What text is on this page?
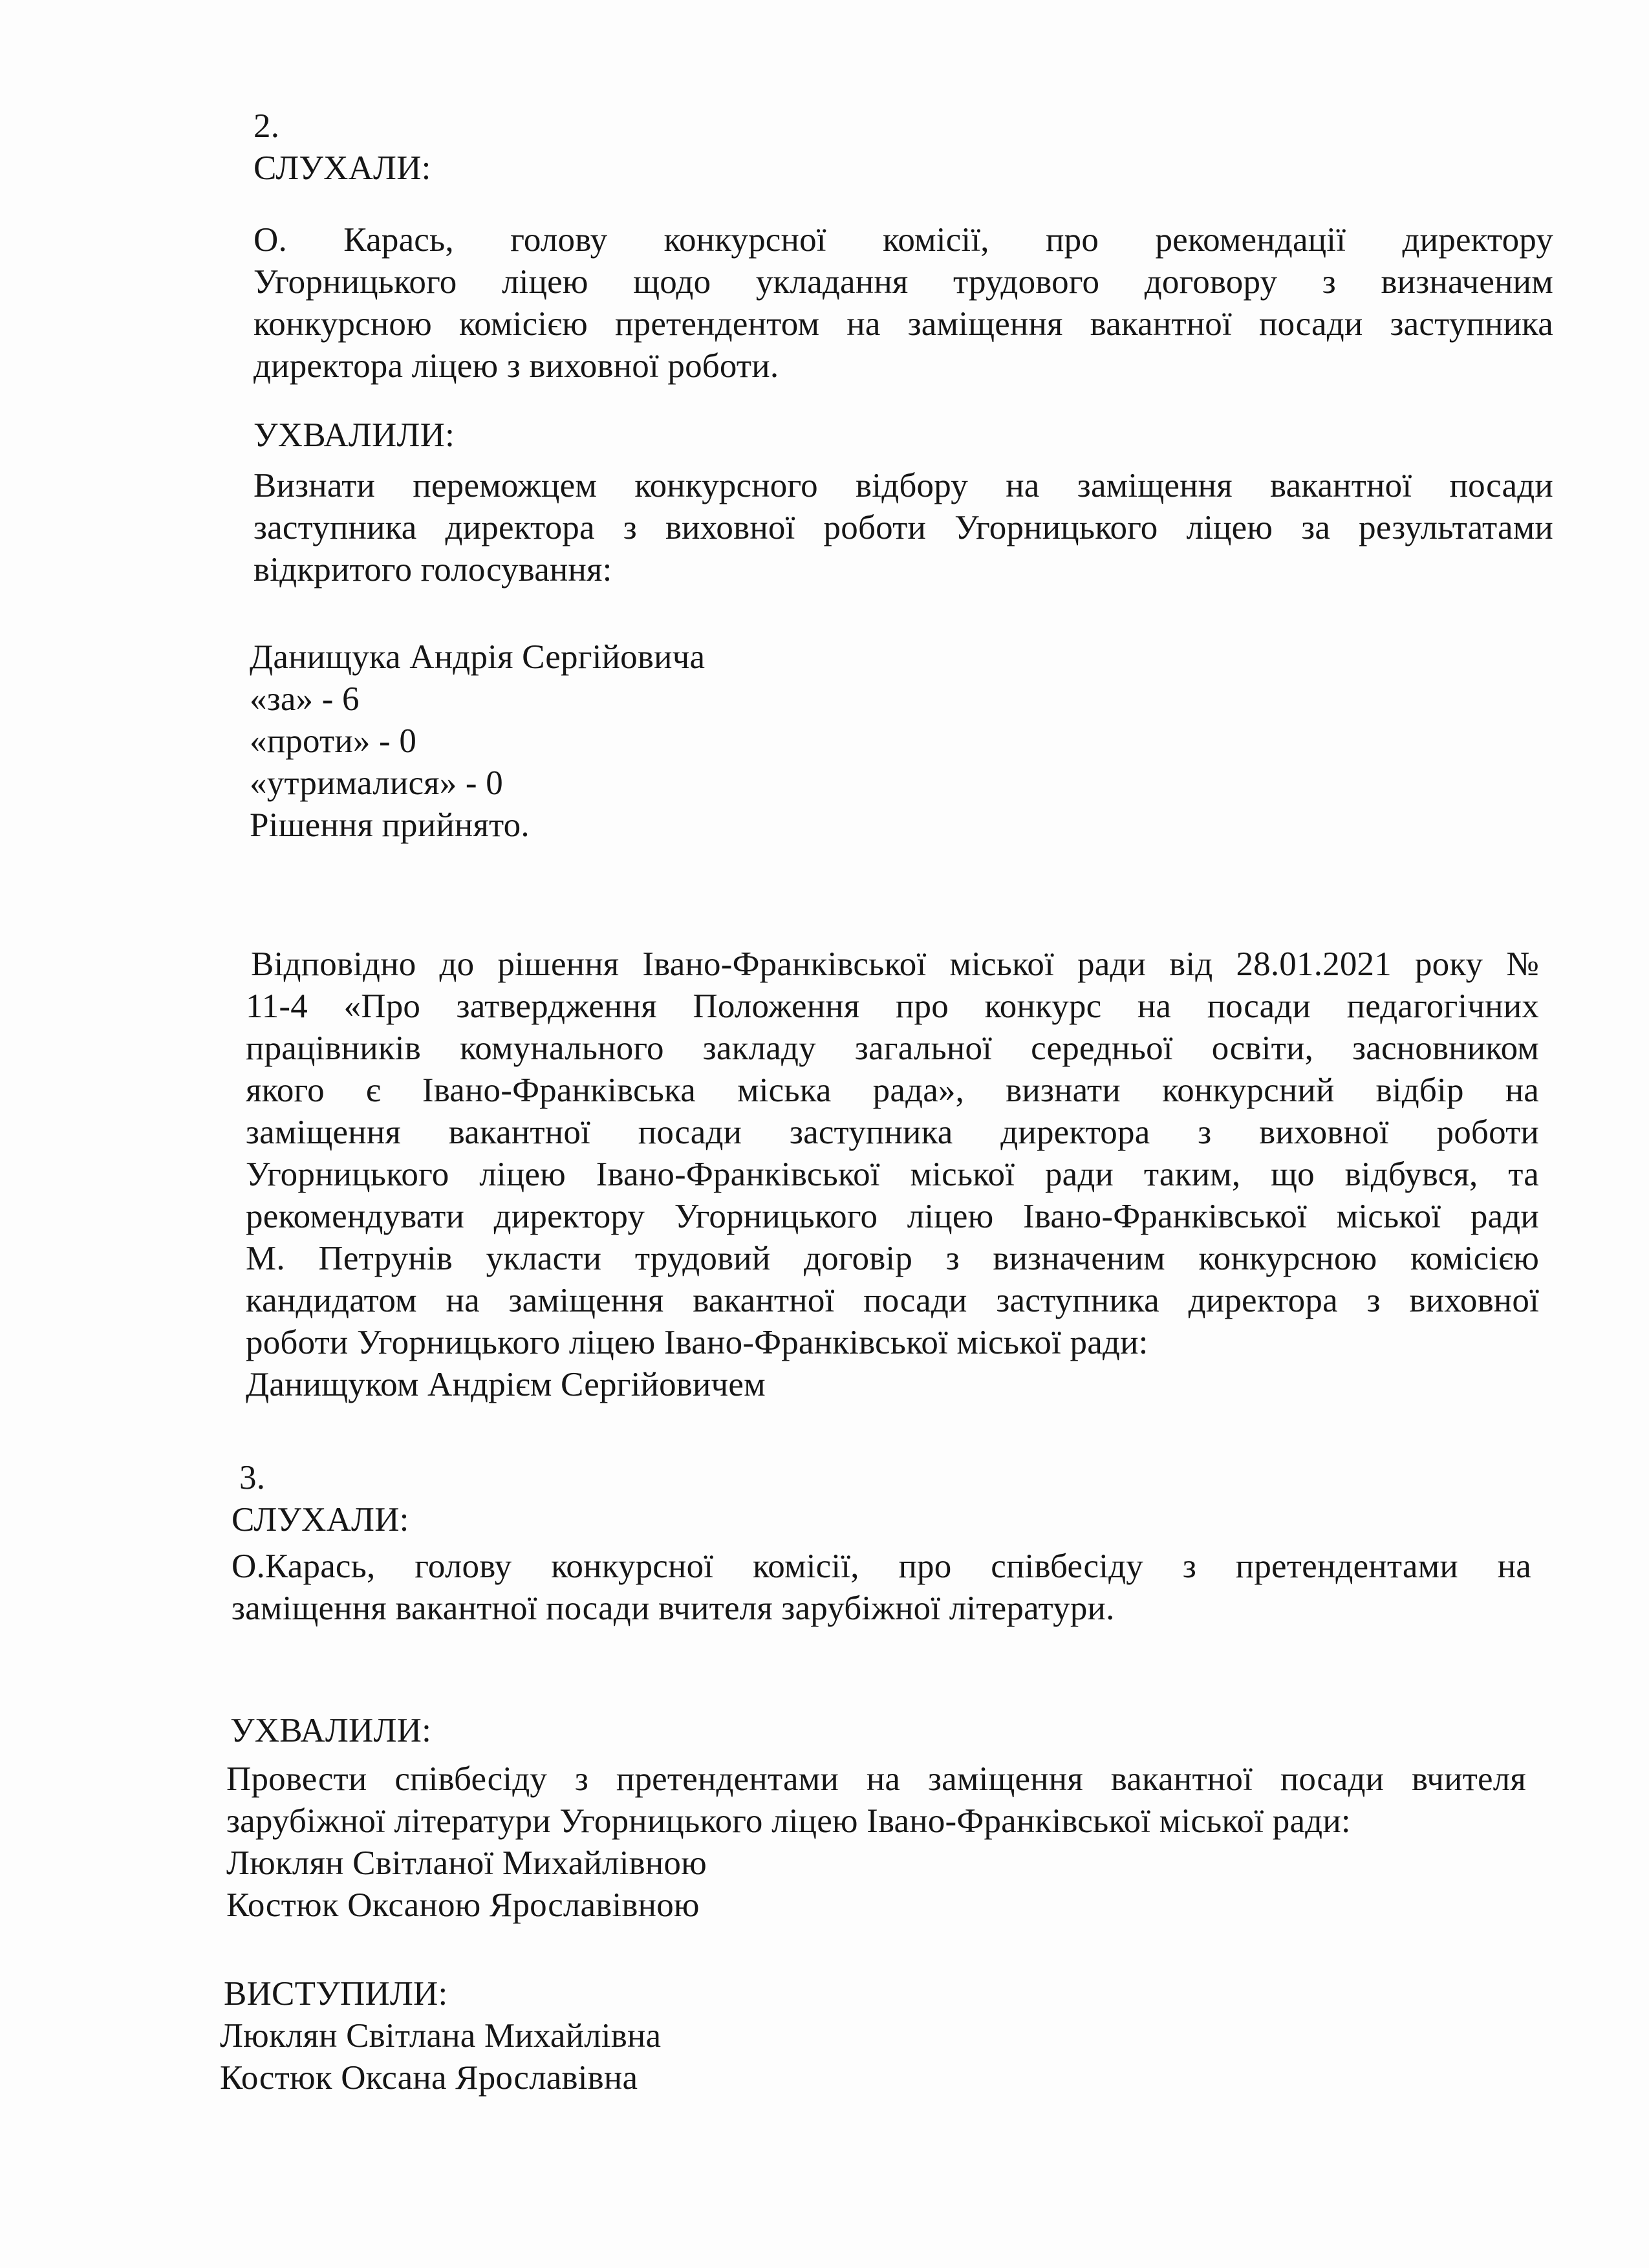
2.
СЛУХАЛИ:
О. Карась, голову конкурсної комісії, про рекомендації директору
Угорницького ліцею щодо укладання трудового договору з визначеним
конкурсною комісією претендентом на заміщення вакантної посади заступника
директора ліцею з виховної роботи.
УХВАЛИЛИ:
Визнати переможцем конкурсного відбору на заміщення вакантної посади
заступника директора з виховної роботи Угорницького ліцею за результатами
відкритого голосування:
Данищука Андрія Сергійовича
«за» - 6
«проти» - 0
«утрималися» - 0
Рішення прийнято.
Відповідно до рішення Івано-Франківської міської ради від 28.01.2021 року №
11-4 «Про затвердження Положення про конкурс на посади педагогічних
працівників комунального закладу загальної середньої освіти, засновником
якого є Івано-Франківська міська рада», визнати конкурсний відбір на
заміщення вакантної посади заступника директора з виховної роботи
Угорницького ліцею Івано-Франківської міської ради таким, що відбувся, та
рекомендувати директору Угорницького ліцею Івано-Франківської міської ради
М. Петрунів укласти трудовий договір з визначеним конкурсною комісією
кандидатом на заміщення вакантної посади заступника директора з виховної
роботи Угорницького ліцею Івано-Франківської міської ради:
Данищуком Андрієм Сергійовичем
3.
СЛУХАЛИ:
О.Карась, голову конкурсної комісії, про співбесіду з претендентами на
заміщення вакантної посади вчителя зарубіжної літератури.
УХВАЛИЛИ:
Провести співбесіду з претендентами на заміщення вакантної посади вчителя
зарубіжної літератури Угорницького ліцею Івано-Франківської міської ради:
Люклян Світланої Михайлівною
Костюк Оксаною Ярославівною
ВИСТУПИЛИ:
Люклян Світлана Михайлівна
Костюк Оксана Ярославівна
